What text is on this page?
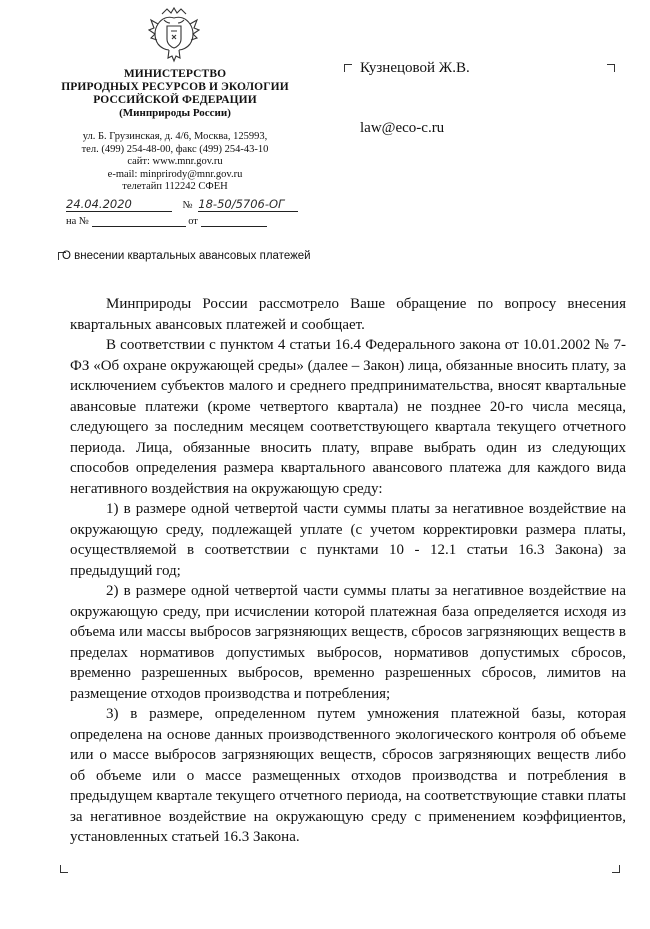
МИНИСТЕРСТВО
ПРИРОДНЫХ РЕСУРСОВ И ЭКОЛОГИИ
РОССИЙСКОЙ ФЕДЕРАЦИИ
(Минприроды России)
ул. Б. Грузинская, д. 4/6, Москва, 125993,
тел. (499) 254-48-00, факс (499) 254-43-10
сайт: www.mnr.gov.ru
e-mail: minprirody@mnr.gov.ru
телетайп 112242 СФЕН
24.04.2020	№ 18-50/5706-ОГ
на №	от
Кузнецовой Ж.В.
law@eco-c.ru
О внесении квартальных авансовых платежей

Минприроды России рассмотрело Ваше обращение по вопросу внесения квартальных авансовых платежей и сообщает.

В соответствии с пунктом 4 статьи 16.4 Федерального закона от 10.01.2002 № 7-ФЗ «Об охране окружающей среды» (далее – Закон) лица, обязанные вносить плату, за исключением субъектов малого и среднего предпринимательства, вносят квартальные авансовые платежи (кроме четвертого квартала) не позднее 20-го числа месяца, следующего за последним месяцем соответствующего квартала текущего отчетного периода. Лица, обязанные вносить плату, вправе выбрать один из следующих способов определения размера квартального авансового платежа для каждого вида негативного воздействия на окружающую среду:

1) в размере одной четвертой части суммы платы за негативное воздействие на окружающую среду, подлежащей уплате (с учетом корректировки размера платы, осуществляемой в соответствии с пунктами 10 - 12.1 статьи 16.3 Закона) за предыдущий год;

2) в размере одной четвертой части суммы платы за негативное воздействие на окружающую среду, при исчислении которой платежная база определяется исходя из объема или массы выбросов загрязняющих веществ, сбросов загрязняющих веществ в пределах нормативов допустимых выбросов, нормативов допустимых сбросов, временно разрешенных выбросов, временно разрешенных сбросов, лимитов на размещение отходов производства и потребления;

3) в размере, определенном путем умножения платежной базы, которая определена на основе данных производственного экологического контроля об объеме или о массе выбросов загрязняющих веществ, сбросов загрязняющих веществ либо об объеме или о массе размещенных отходов производства и потребления в предыдущем квартале текущего отчетного периода, на соответствующие ставки платы за негативное воздействие на окружающую среду с применением коэффициентов, установленных статьей 16.3 Закона.
